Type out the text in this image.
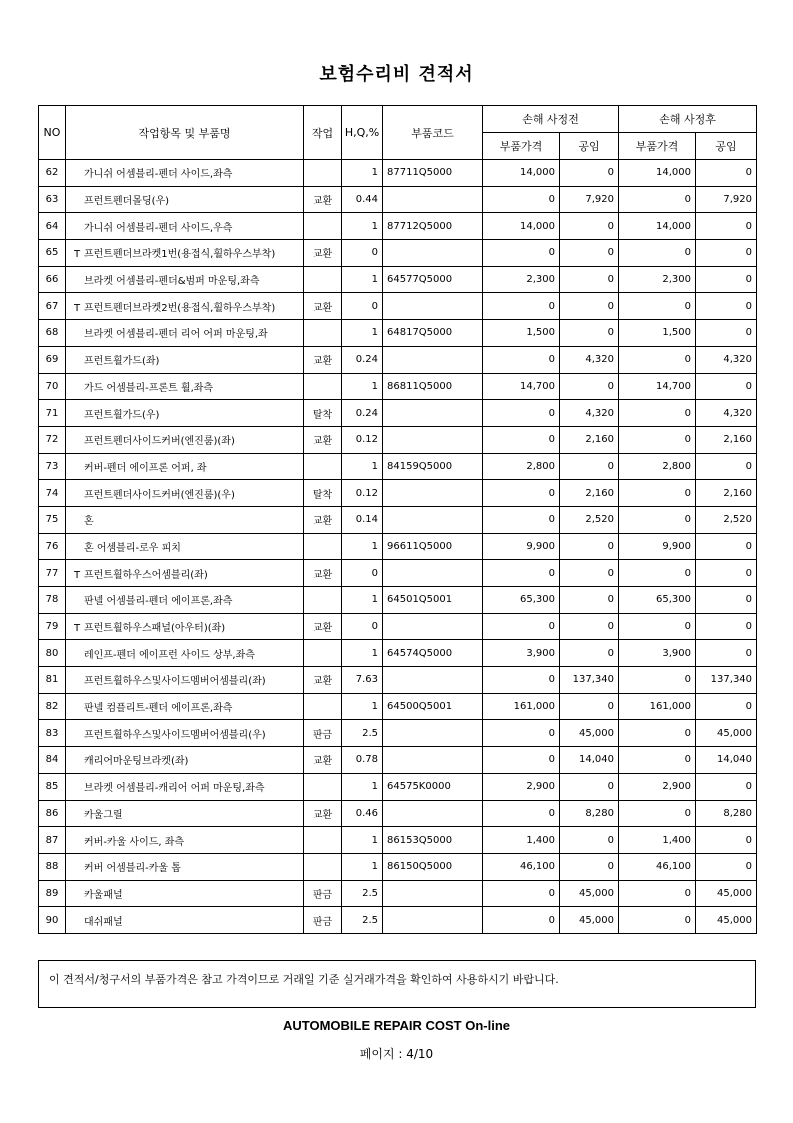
보험수리비 견적서
NO	작업항목 및 부품명	작업	H,Q,%	부품코드	손해 사정전		손해 사정후	
					부품가격	공임	부품가격	공임
62	가니쉬 어셈블리-펜더 사이드,좌측		1	87711Q5000	14,000	0	14,000	0
63	프런트펜더몰딩(우)	교환	0.44		0	7,920	0	7,920
64	가니쉬 어셈블리-펜더 사이드,우측		1	87712Q5000	14,000	0	14,000	0
65	T 프런트펜더브라켓1번(용접식,휠하우스부착)	교환	0		0	0	0	0
66	브라켓 어셈블리-펜더&범퍼 마운팅,좌측		1	64577Q5000	2,300	0	2,300	0
67	T 프런트펜더브라켓2번(용접식,휠하우스부착)	교환	0		0	0	0	0
68	브라켓 어셈블리-펜더 리어 어퍼 마운팅,좌		1	64817Q5000	1,500	0	1,500	0
69	프런트휠가드(좌)	교환	0.24		0	4,320	0	4,320
70	가드 어셈블리-프론트 휠,좌측		1	86811Q5000	14,700	0	14,700	0
71	프런트휠가드(우)	탈착	0.24		0	4,320	0	4,320
72	프런트펜더사이드커버(엔진룸)(좌)	교환	0.12		0	2,160	0	2,160
73	커버-펜더 에이프론 어퍼, 좌		1	84159Q5000	2,800	0	2,800	0
74	프런트펜더사이드커버(엔진룸)(우)	탈착	0.12		0	2,160	0	2,160
75	혼	교환	0.14		0	2,520	0	2,520
76	혼 어셈블리-로우 피치		1	96611Q5000	9,900	0	9,900	0
77	T 프런트휠하우스어셈블리(좌)	교환	0		0	0	0	0
78	판넬 어셈블리-펜더 에이프론,좌측		1	64501Q5001	65,300	0	65,300	0
79	T 프런트휠하우스패널(아우터)(좌)	교환	0		0	0	0	0
80	레인프-펜더 에이프런 사이드 상부,좌측		1	64574Q5000	3,900	0	3,900	0
81	프런트휠하우스및사이드멤버어셈블리(좌)	교환	7.63		0	137,340	0	137,340
82	판넬 컴플리트-펜더 에이프론,좌측		1	64500Q5001	161,000	0	161,000	0
83	프런트휠하우스및사이드멤버어셈블리(우)	판금	2.5		0	45,000	0	45,000
84	캐리어마운팅브라켓(좌)	교환	0.78		0	14,040	0	14,040
85	브라켓 어셈블리-캐리어 어퍼 마운팅,좌측		1	64575K0000	2,900	0	2,900	0
86	카울그릴	교환	0.46		0	8,280	0	8,280
87	커버-카울 사이드, 좌측		1	86153Q5000	1,400	0	1,400	0
88	커버 어셈블리-카울 톱		1	86150Q5000	46,100	0	46,100	0
89	카울패널	판금	2.5		0	45,000	0	45,000
90	대쉬패널	판금	2.5		0	45,000	0	45,000
이 견적서/청구서의 부품가격은 참고 가격이므로 거래일 기준 실거래가격을 확인하여 사용하시기 바랍니다.
AUTOMOBILE REPAIR COST On-line
페이지 : 4/10
